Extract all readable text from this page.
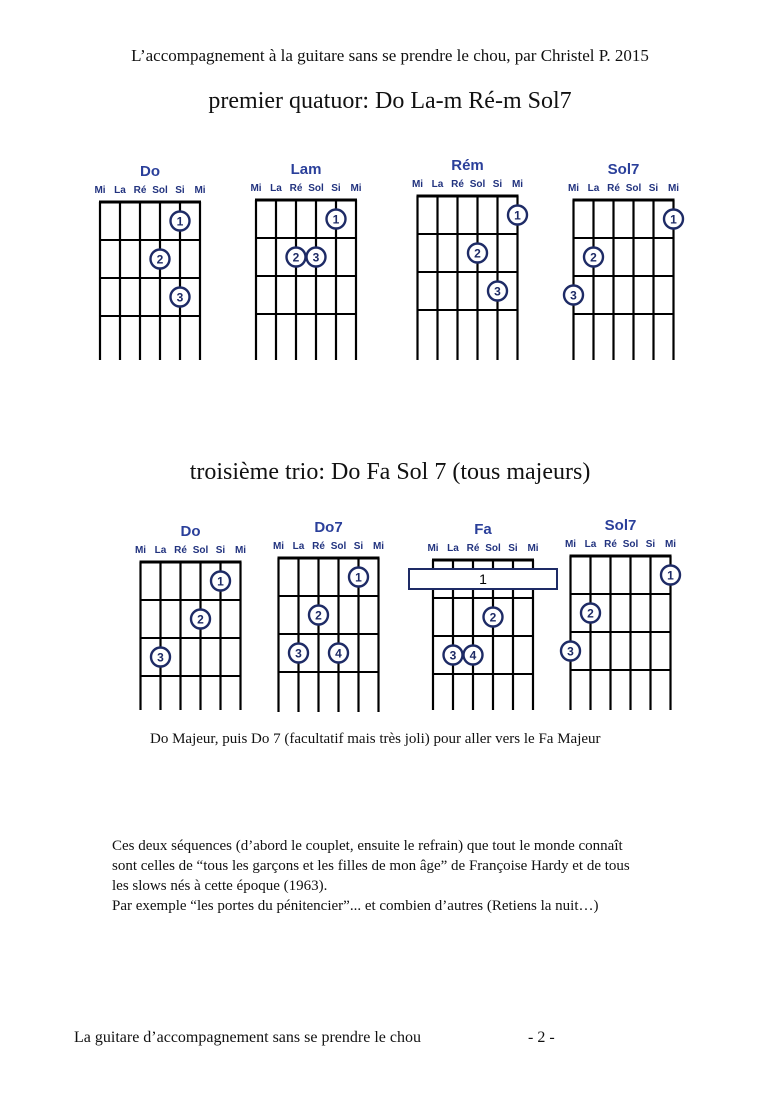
L’accompagnement à la guitare sans se prendre le chou, par Christel P. 2015
premier quatuor: Do La-m Ré-m Sol7
Do
Mi La Ré Sol Si Mi
1
2
3
Lam
Mi La Ré Sol Si Mi
1
2 3
Rém
Mi La Ré Sol Si Mi
1
2
3
Sol7
Mi La Ré Sol Si Mi
1
2
3
troisième trio: Do Fa Sol 7 (tous majeurs)
Do
Mi La Ré Sol Si Mi
1
2
3
Do7
Mi La Ré Sol Si Mi
1
2
3	4
Fa
Mi La Ré Sol Si Mi
1
2
3 4
Sol7
Mi La Ré Sol Si Mi
1
2
3
Do Majeur, puis Do 7 (facultatif mais très joli) pour aller vers le Fa Majeur
Ces deux séquences (d’abord le couplet, ensuite le refrain) que tout le monde connaît
sont celles de “tous les garçons et les filles de mon âge” de Françoise Hardy et de tous
les slows nés à cette époque (1963).
Par exemple “les portes du pénitencier”... et combien d’autres (Retiens la nuit…)
La guitare d’accompagnement sans se prendre le chou	- 2 -
